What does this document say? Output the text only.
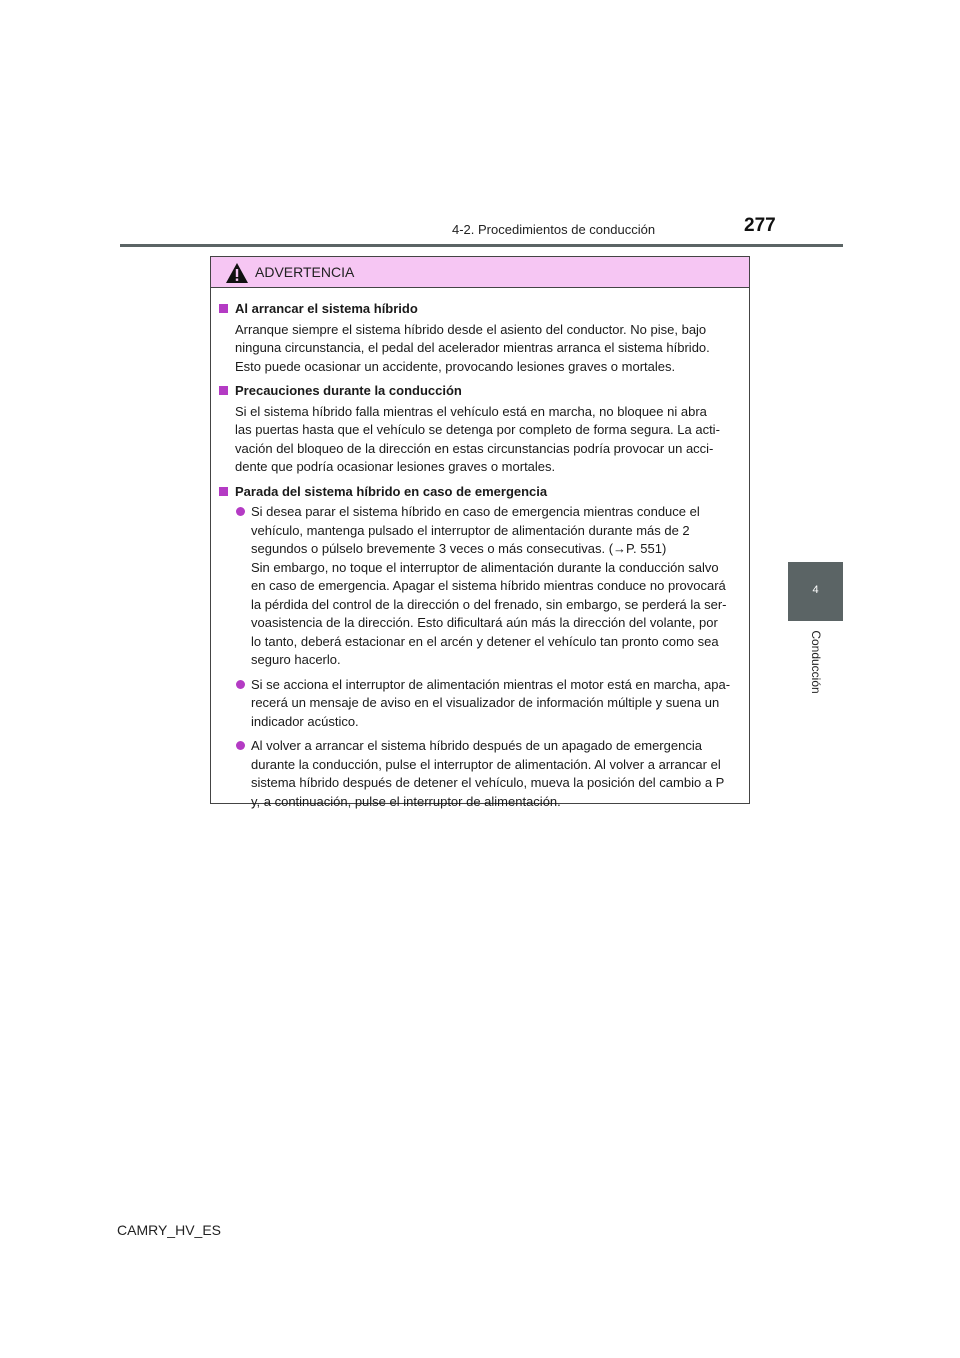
4-2. Procedimientos de conducción	277
4
Conducción
ADVERTENCIA
Al arrancar el sistema híbrido
Arranque siempre el sistema híbrido desde el asiento del conductor. No pise, bajo
ninguna circunstancia, el pedal del acelerador mientras arranca el sistema híbrido.
Esto puede ocasionar un accidente, provocando lesiones graves o mortales.
Precauciones durante la conducción
Si el sistema híbrido falla mientras el vehículo está en marcha, no bloquee ni abra
las puertas hasta que el vehículo se detenga por completo de forma segura. La acti-
vación del bloqueo de la dirección en estas circunstancias podría provocar un acci-
dente que podría ocasionar lesiones graves o mortales.
Parada del sistema híbrido en caso de emergencia
Si desea parar el sistema híbrido en caso de emergencia mientras conduce el
vehículo, mantenga pulsado el interruptor de alimentación durante más de 2
segundos o púlselo brevemente 3 veces o más consecutivas. (→P. 551)
Sin embargo, no toque el interruptor de alimentación durante la conducción salvo
en caso de emergencia. Apagar el sistema híbrido mientras conduce no provocará
la pérdida del control de la dirección o del frenado, sin embargo, se perderá la ser-
voasistencia de la dirección. Esto dificultará aún más la dirección del volante, por
lo tanto, deberá estacionar en el arcén y detener el vehículo tan pronto como sea
seguro hacerlo.
Si se acciona el interruptor de alimentación mientras el motor está en marcha, apa-
recerá un mensaje de aviso en el visualizador de información múltiple y suena un
indicador acústico.
Al volver a arrancar el sistema híbrido después de un apagado de emergencia
durante la conducción, pulse el interruptor de alimentación. Al volver a arrancar el
sistema híbrido después de detener el vehículo, mueva la posición del cambio a P
y, a continuación, pulse el interruptor de alimentación.
CAMRY_HV_ES
